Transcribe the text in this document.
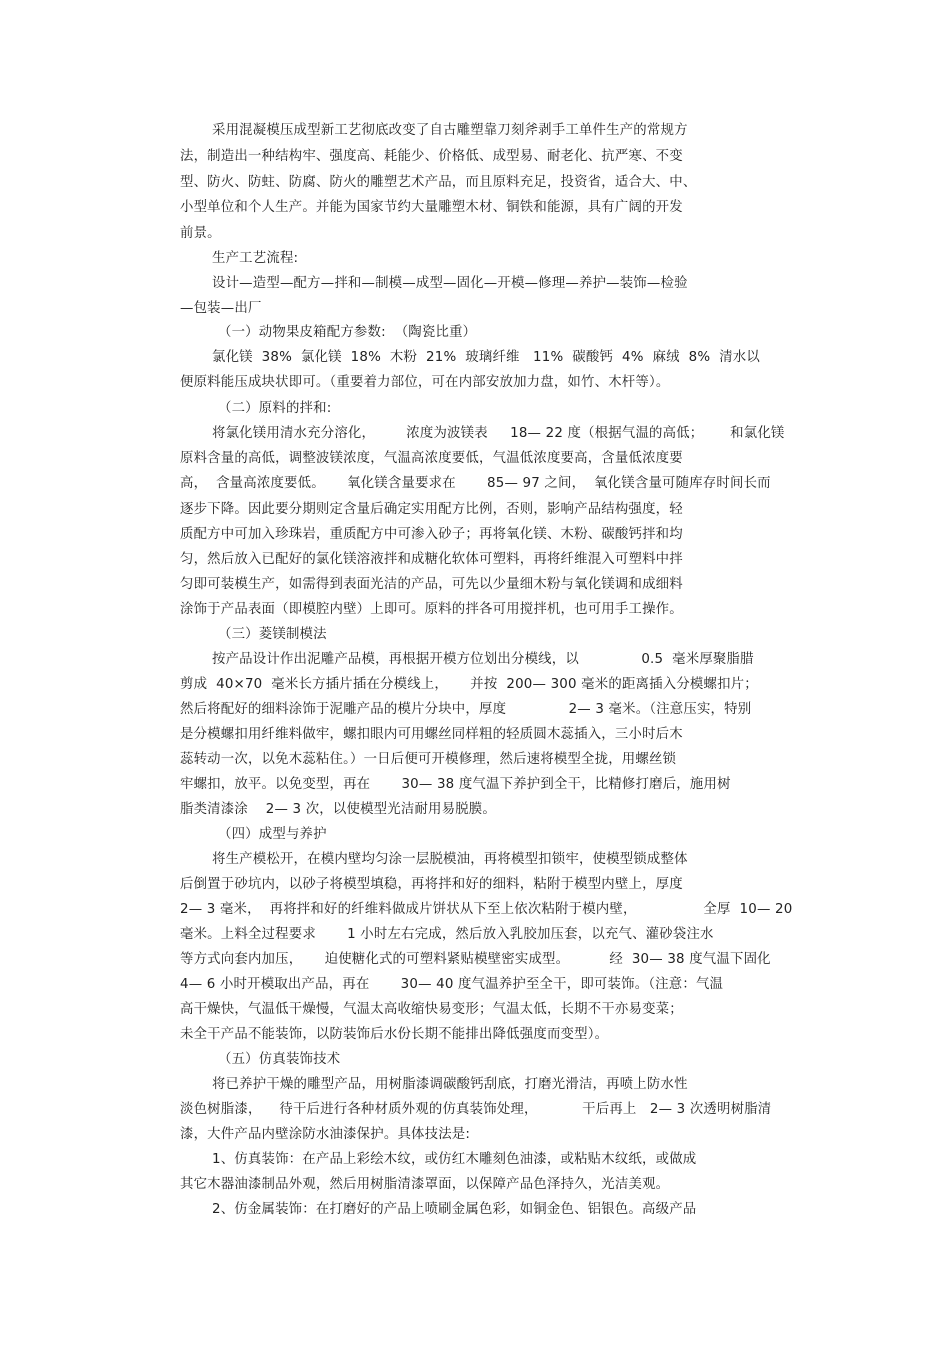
采用混凝模压成型新工艺彻底改变了自古雕塑靠刀刻斧剥手工单件生产的常规方
法，制造出一种结构牢、强度高、耗能少、价格低、成型易、耐老化、抗严寒、不变
型、防火、防蛀、防腐、防火的雕塑艺术产品，而且原料充足，投资省，适合大、中、
小型单位和个人生产。并能为国家节约大量雕塑木材、铜铁和能源，具有广阔的开发
前景。
生产工艺流程:
设计—造型—配方—拌和—制模—成型—固化—开模—修理—养护—装饰—检验
—包装—出厂
（一）动物果皮箱配方参数:  （陶瓷比重）
氯化镁  38%  氯化镁  18%  木粉  21%  玻璃纤维   11%  碳酸钙  4%  麻绒  8%  清水以
便原料能压成块状即可。（重要着力部位，可在内部安放加力盘，如竹、木杆等）。
（二）原料的拌和:
将氯化镁用清水充分溶化，       浓度为波镁表     18— 22 度（根据气温的高低；      和氯化镁
原料含量的高低，调整波镁浓度，气温高浓度要低，气温低浓度要高，含量低浓度要
高，  含量高浓度要低。     氧化镁含量要求在       85— 97 之间，  氧化镁含量可随库存时间长而
逐步下降。因此要分期则定含量后确定实用配方比例，否则，影响产品结构强度，轻
质配方中可加入珍珠岩，重质配方中可渗入砂子；再将氧化镁、木粉、碳酸钙拌和均
匀，然后放入已配好的氯化镁溶液拌和成糖化软体可塑料，再将纤维混入可塑料中拌
匀即可装模生产，如需得到表面光洁的产品，可先以少量细木粉与氧化镁调和成细料
涂饰于产品表面（即模腔内壁）上即可。原料的拌各可用搅拌机，也可用手工操作。
（三）菱镁制模法
按产品设计作出泥雕产品模，再根据开模方位划出分模线，以              0.5  毫米厚聚脂腊
剪成  40×70  毫米长方插片插在分模线上，     并按  200— 300 毫米的距离插入分模螺扣片；
然后将配好的细料涂饰于泥雕产品的模片分块中，厚度              2— 3 毫米。（注意压实，特别
是分模螺扣用纤维料做牢，螺扣眼内可用螺丝同样粗的轻质圆木蕊插入，三小时后木
蕊转动一次，以免木蕊粘住。）一日后便可开模修理，然后速将模型全拢，用螺丝锁
牢螺扣，放平。以免变型，再在       30— 38 度气温下养护到全干，比精修打磨后，施用树
脂类清漆涂    2— 3 次，以使模型光洁耐用易脱膜。
（四）成型与养护
将生产模松开，在模内壁均匀涂一层脱模油，再将模型扣锁牢，使模型锁成整体
后倒置于砂坑内，以砂子将模型填稳，再将拌和好的细料，粘附于模型内壁上，厚度
2— 3 毫米，  再将拌和好的纤维料做成片饼状从下至上依次粘附于模内壁，               全厚  10— 20
毫米。上料全过程要求       1 小时左右完成，然后放入乳胶加压套，以充气、灌砂袋注水
等方式向套内加压，     迫使糖化式的可塑料紧贴模壁密实成型。         经  30— 38 度气温下固化
4— 6 小时开模取出产品，再在       30— 40 度气温养护至全干，即可装饰。（注意：气温
高干燥快，气温低干燥慢，气温太高收缩快易变形；气温太低，长期不干亦易变菜；
未全干产品不能装饰，以防装饰后水份长期不能排出降低强度而变型）。
（五）仿真装饰技术
将已养护干燥的雕型产品，用树脂漆调碳酸钙刮底，打磨光滑洁，再喷上防水性
淡色树脂漆，    待干后进行各种材质外观的仿真装饰处理，          干后再上   2— 3 次透明树脂清
漆，大件产品内壁涂防水油漆保护。具体技法是:
1、仿真装饰：在产品上彩绘木纹，或仿红木雕刻色油漆，或粘贴木纹纸，或做成
其它木器油漆制品外观，然后用树脂清漆罩面，以保障产品色泽持久，光洁美观。
2、仿金属装饰：在打磨好的产品上喷刷金属色彩，如铜金色、铝银色。高级产品
